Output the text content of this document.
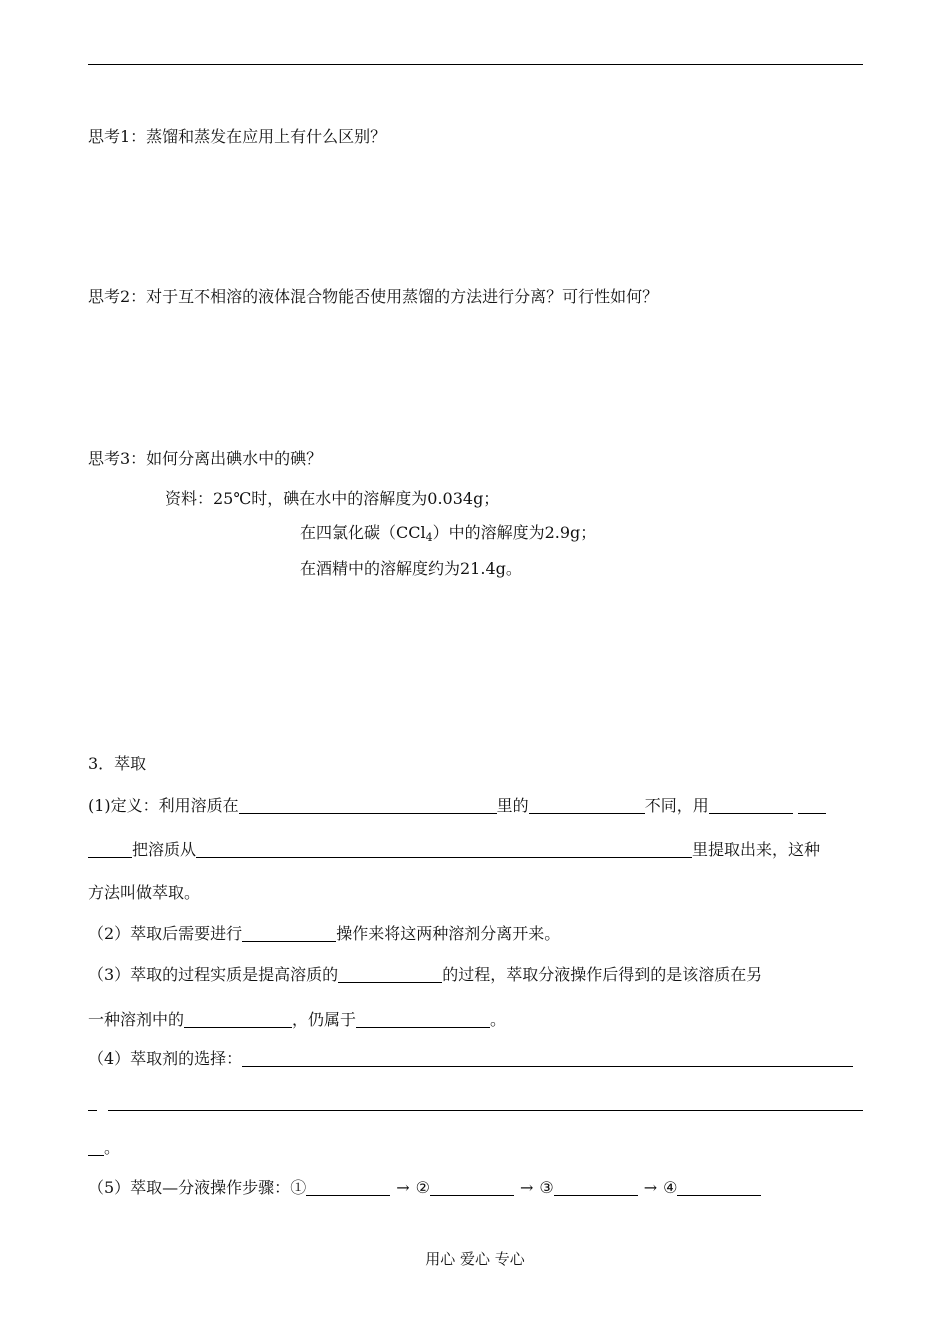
思考1：蒸馏和蒸发在应用上有什么区别？
思考2：对于互不相溶的液体混合物能否使用蒸馏的方法进行分离？可行性如何？
思考3：如何分离出碘水中的碘？
资料：25℃时，碘在水中的溶解度为0.034g；
在四氯化碳（CCl$_4$）中的溶解度为2.9g；
在酒精中的溶解度约为21.4g。
3．萃取
(1)定义：利用溶质在	里的	不同，用
把溶质从	里提取出来，这种
方法叫做萃取。
（2）萃取后需要进行	操作来将这两种溶剂分离开来。
（3）萃取的过程实质是提高溶质的	的过程，萃取分液操作后得到的是该溶质在另
一种溶剂中的	，仍属于	。
（4）萃取剂的选择：
。
（5）萃取—分液操作步骤：①	→ ②	→ ③	→ ④
用心 爱心 专心
